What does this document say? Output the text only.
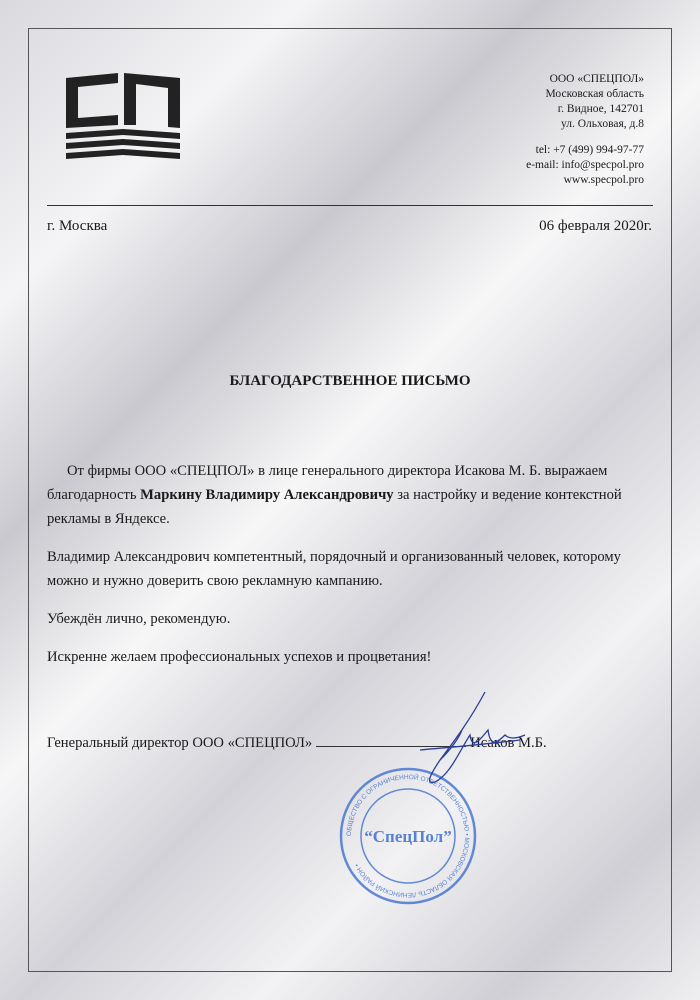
ООО «СПЕЦПОЛ»
Московская область
г. Видное, 142701
ул. Ольховая, д.8
tel: +7 (499) 994-97-77
e-mail: info@specpol.pro
www.specpol.pro
г. Москва	06 февраля 2020г.
БЛАГОДАРСТВЕННОЕ ПИСЬМО

От фирмы ООО «СПЕЦПОЛ» в лице генерального директора Исакова М. Б. выражаем благодарность Маркину Владимиру Александровичу за настройку и ведение контекстной рекламы в Яндексе.

Владимир Александрович компетентный, порядочный и организованный человек, которому можно и нужно доверить свою рекламную кампанию.

Убеждён лично, рекомендую.

Искренне желаем профессиональных успехов и процветания!

Генеральный директор ООО «СПЕЦПОЛ»	Исаков М.Б.
ОБЩЕСТВО С ОГРАНИЧЕННОЙ ОТВЕТСТВЕННОСТЬЮ • МОСКОВСКАЯ ОБЛАСТЬ ЛЕНИНСКИЙ РАЙОН •
“СпецПол”
